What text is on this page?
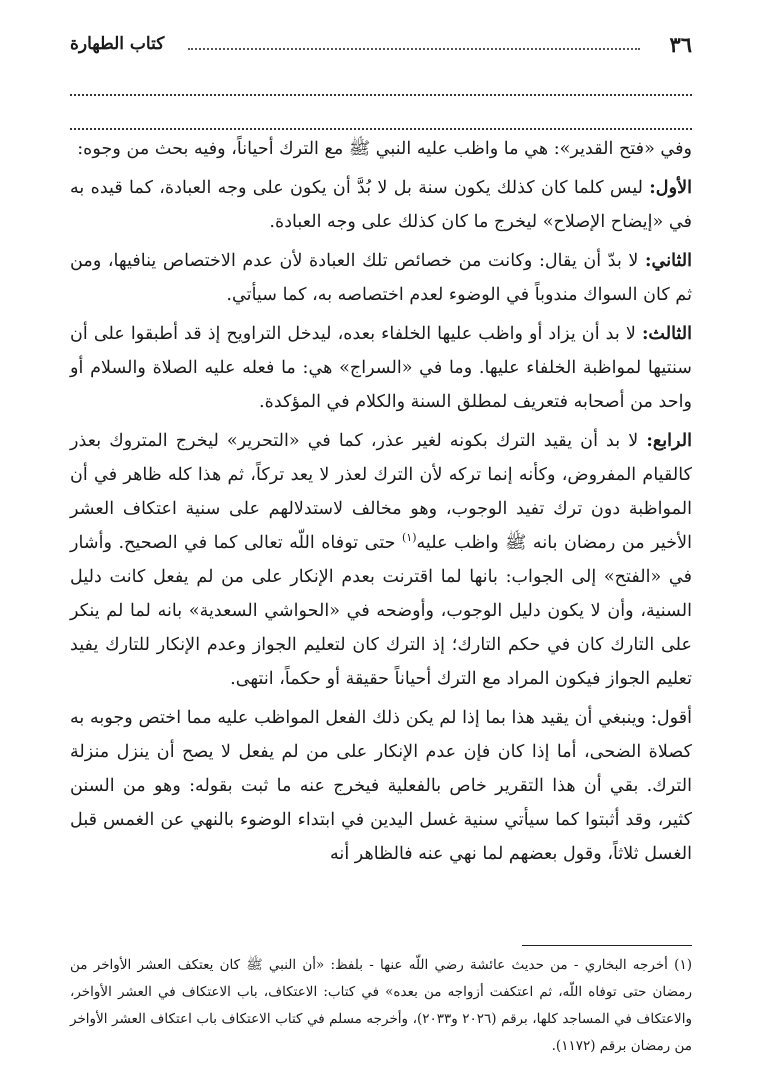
٣٦
كتاب الطهارة

وفي «فتح القدير»: هي ما واظب عليه النبي ﷺ مع الترك أحياناً، وفيه بحث من وجوه:

الأول: ليس كلما كان كذلك يكون سنة بل لا بُدَّ أن يكون على وجه العبادة، كما قيده به في «إيضاح الإصلاح» ليخرج ما كان كذلك على وجه العبادة.

الثاني: لا بدّ أن يقال: وكانت من خصائص تلك العبادة لأن عدم الاختصاص ينافيها، ومن ثم كان السواك مندوباً في الوضوء لعدم اختصاصه به، كما سيأتي.

الثالث: لا بد أن يزاد أو واظب عليها الخلفاء بعده، ليدخل التراويح إذ قد أطبقوا على أن سنتيها لمواظبة الخلفاء عليها. وما في «السراج» هي: ما فعله عليه الصلاة والسلام أو واحد من أصحابه فتعريف لمطلق السنة والكلام في المؤكدة.

الرابع: لا بد أن يقيد الترك بكونه لغير عذر، كما في «التحرير» ليخرج المتروك بعذر كالقيام المفروض، وكأنه إنما تركه لأن الترك لعذر لا يعد تركاً، ثم هذا كله ظاهر في أن المواظبة دون ترك تفيد الوجوب، وهو مخالف لاستدلالهم على سنية اعتكاف العشر الأخير من رمضان بانه ﷺ واظب عليه$^{(١)}$ حتى توفاه اللّه تعالى كما في الصحيح. وأشار في «الفتح» إلى الجواب: بانها لما اقترنت بعدم الإنكار على من لم يفعل كانت دليل السنية، وأن لا يكون دليل الوجوب، وأوضحه في «الحواشي السعدية» بانه لما لم ينكر على التارك كان في حكم التارك؛ إذ الترك كان لتعليم الجواز وعدم الإنكار للتارك يفيد تعليم الجواز فيكون المراد مع الترك أحياناً حقيقة أو حكماً، انتهى.

أقول: وينبغي أن يقيد هذا بما إذا لم يكن ذلك الفعل المواظب عليه مما اختص وجوبه به كصلاة الضحى، أما إذا كان فإن عدم الإنكار على من لم يفعل لا يصح أن ينزل منزلة الترك. بقي أن هذا التقرير خاص بالفعلية فيخرج عنه ما ثبت بقوله: وهو من السنن كثير، وقد أثبتوا كما سيأتي سنية غسل اليدين في ابتداء الوضوء بالنهي عن الغمس قبل الغسل ثلاثاً، وقول بعضهم لما نهي عنه فالظاهر أنه

(١) أخرجه البخاري - من حديث عائشة رضي اللّه عنها - بلفظ: «أن النبي ﷺ كان يعتكف العشر الأواخر من رمضان حتى توفاه اللّه، ثم اعتكفت أزواجه من بعده» في كتاب: الاعتكاف، باب الاعتكاف في العشر الأواخر، والاعتكاف في المساجد كلها، برقم (٢٠٢٦ و٢٠٣٣)، وأخرجه مسلم في كتاب الاعتكاف باب اعتكاف العشر الأواخر من رمضان برقم (١١٧٢).
